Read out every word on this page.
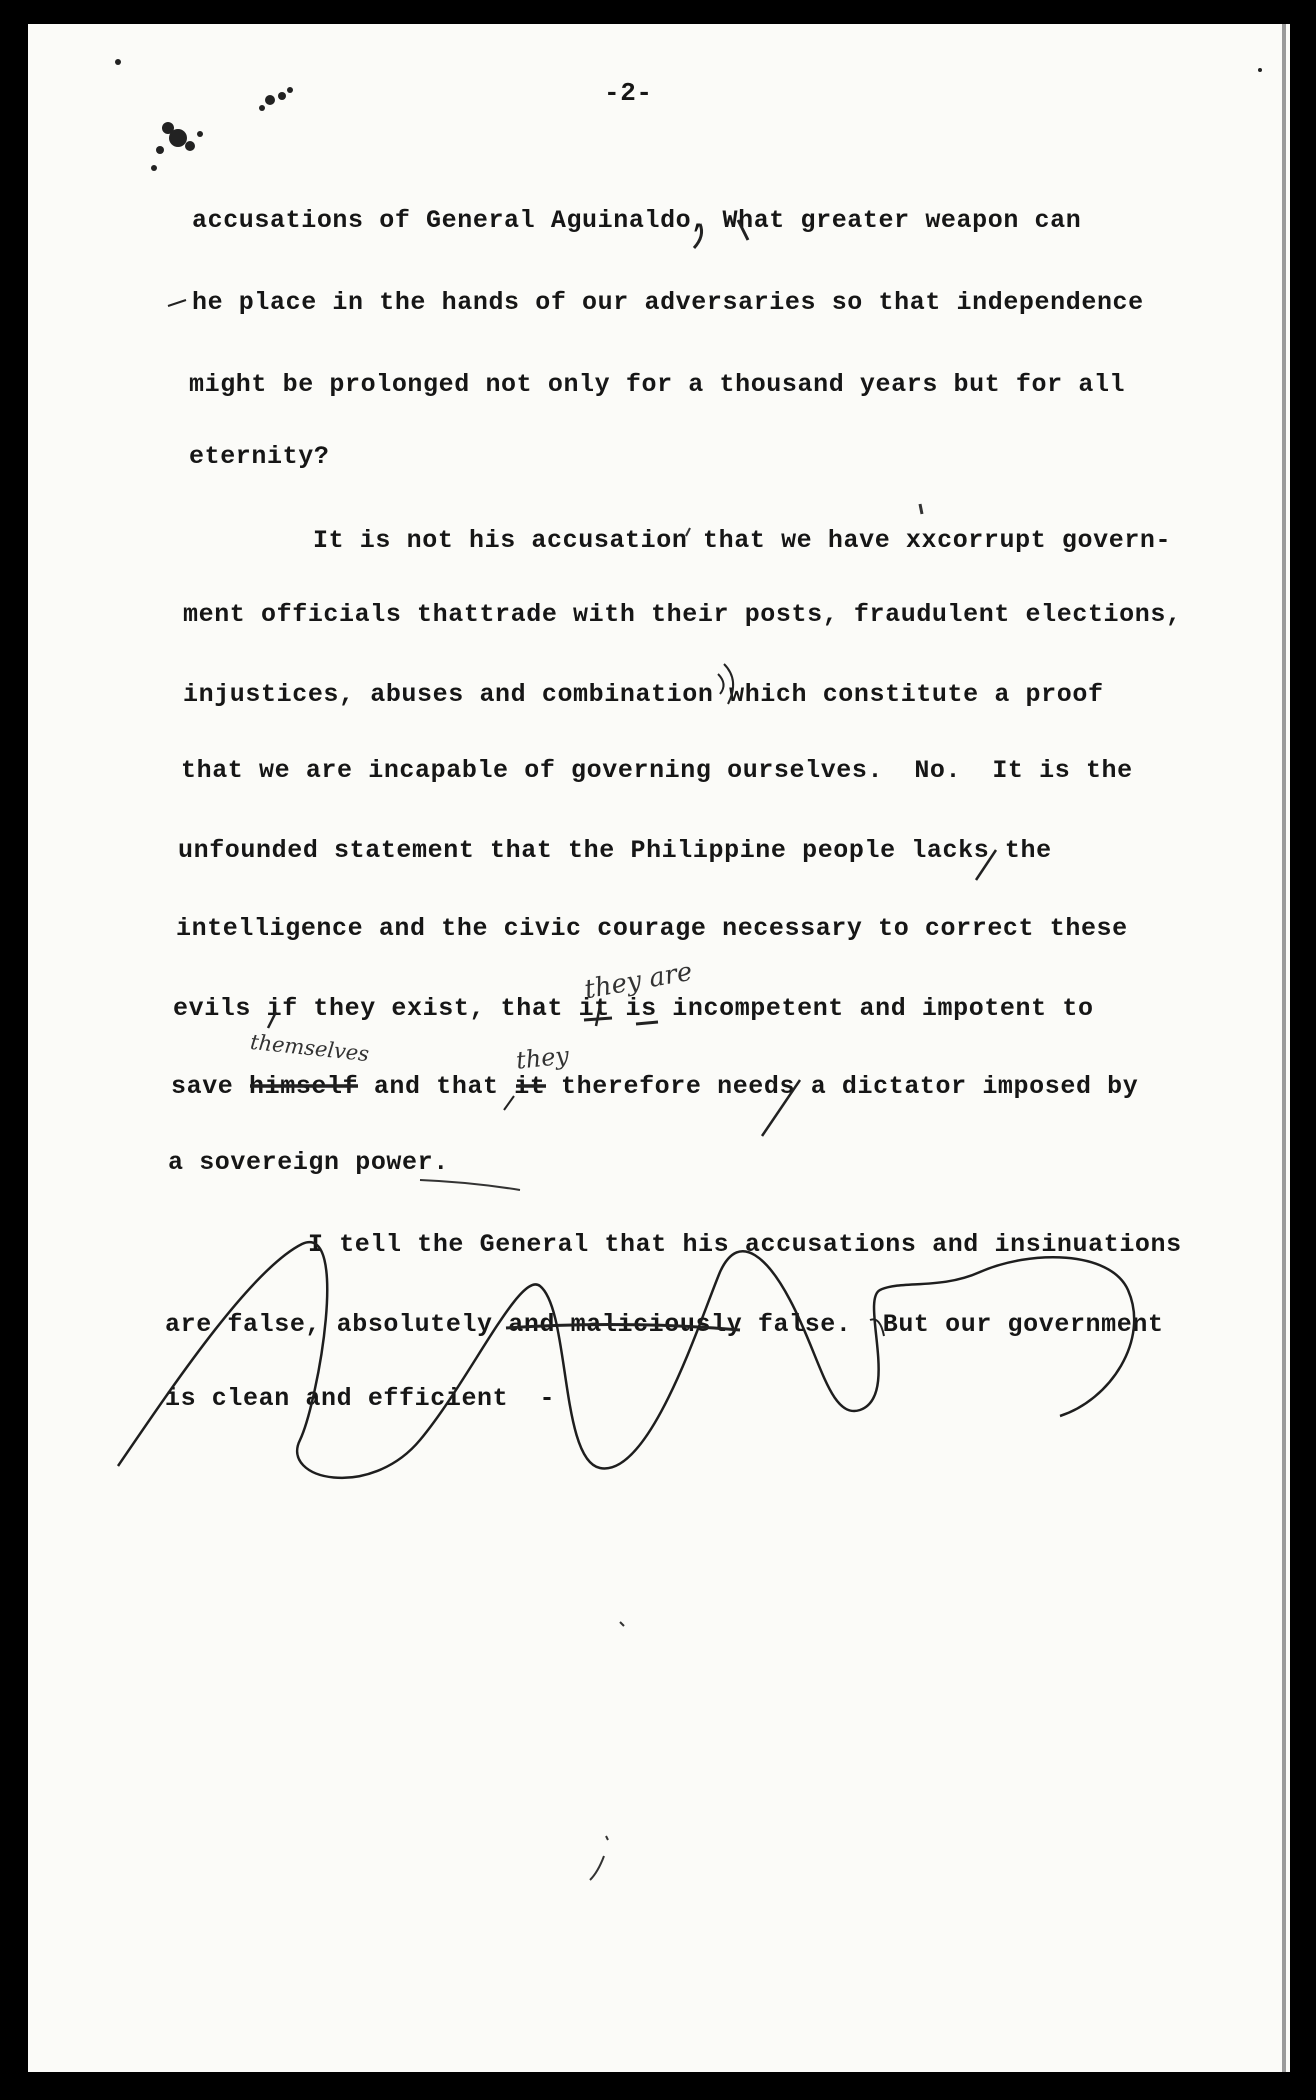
-2-
accusations of General Aguinaldo, What greater weapon can
he place in the hands of our adversaries so that independence
might be prolonged not only for a thousand years but for all
eternity?
It is not his accusation that we have xxcorrupt govern-
ment officials thattrade with their posts, fraudulent elections,
injustices, abuses and combination which constitute a proof
that we are incapable of governing ourselves.  No.  It is the
unfounded statement that the Philippine people lacks the
intelligence and the civic courage necessary to correct these
evils if they exist, that it is incompetent and impotent to
save himself and that it therefore needs a dictator imposed by
a sovereign power.
I tell the General that his accusations and insinuations
are false, absolutely and maliciously false.  But our government
is clean and efficient  -
they are
themselves	they
